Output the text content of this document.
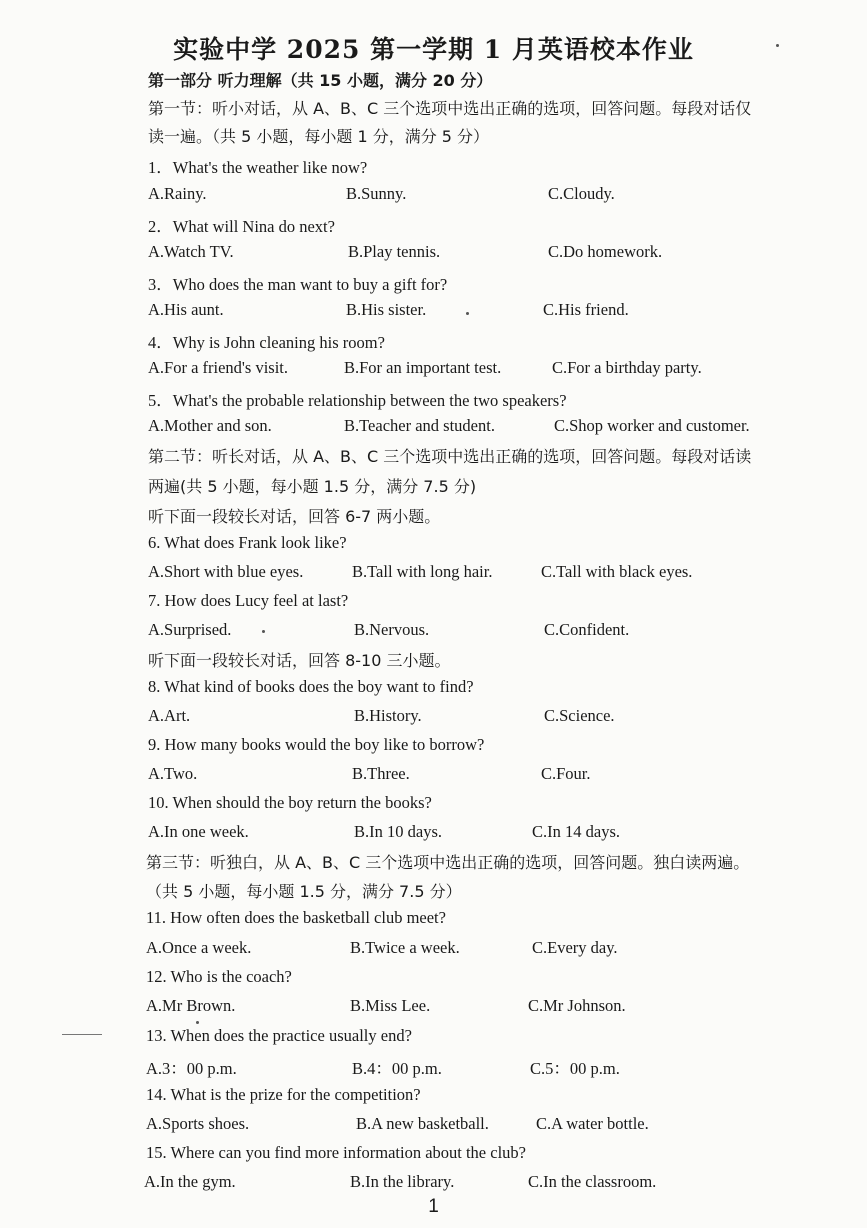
实验中学 2025 第一学期 1 月英语校本作业
第一部分 听力理解（共 15 小题，满分 20 分）
第一节：听小对话，从 A、B、C 三个选项中选出正确的选项，回答问题。每段对话仅
读一遍。（共 5 小题，每小题 1 分，满分 5 分）
1．What's the weather like now?
A.Rainy.	B.Sunny.	C.Cloudy.
2．What will Nina do next?
A.Watch TV.	B.Play tennis.	C.Do homework.
3．Who does the man want to buy a gift for?
A.His aunt.	B.His sister.	C.His friend.
4．Why is John cleaning his room?
A.For a friend's visit.	B.For an important test.	C.For a birthday party.
5．What's the probable relationship between the two speakers?
A.Mother and son.	B.Teacher and student.	C.Shop worker and customer.
第二节：听长对话，从 A、B、C 三个选项中选出正确的选项，回答问题。每段对话读
两遍(共 5 小题，每小题 1.5 分，满分 7.5 分)
听下面一段较长对话，回答 6-7 两小题。
6. What does Frank look like?
A.Short with blue eyes.	B.Tall with long hair.	C.Tall with black eyes.
7. How does Lucy feel at last?
A.Surprised.	B.Nervous.	C.Confident.
听下面一段较长对话，回答 8-10 三小题。
8. What kind of books does the boy want to find?
A.Art.	B.History.	C.Science.
9. How many books would the boy like to borrow?
A.Two.	B.Three.	C.Four.
10. When should the boy return the books?
A.In one week.	B.In 10 days.	C.In 14 days.
第三节：听独白，从 A、B、C 三个选项中选出正确的选项，回答问题。独白读两遍。
（共 5 小题，每小题 1.5 分，满分 7.5 分）
11. How often does the basketball club meet?
A.Once a week.	B.Twice a week.	C.Every day.
12. Who is the coach?
A.Mr Brown.	B.Miss Lee.	C.Mr Johnson.
13. When does the practice usually end?
A.3：00 p.m.	B.4：00 p.m.	C.5：00 p.m.
14. What is the prize for the competition?
A.Sports shoes.	B.A new basketball.	C.A water bottle.
15. Where can you find more information about the club?
A.In the gym.	B.In the library.	C.In the classroom.
1
